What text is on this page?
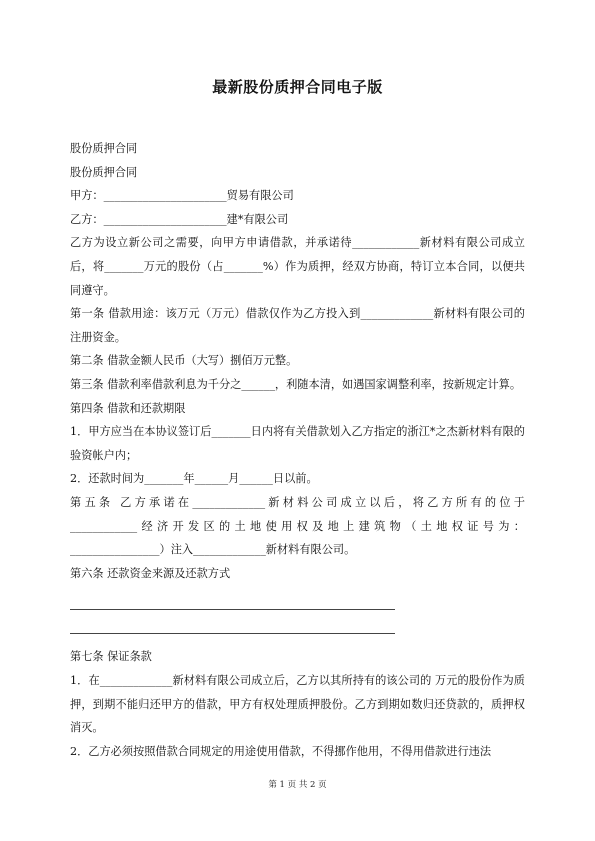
最新股份质押合同电子版

股份质押合同

股份质押合同

甲方：______________________贸易有限公司

乙方：______________________建*有限公司

乙方为设立新公司之需要，向甲方申请借款，并承诺待____________新材料有限公司成立后，将_______万元的股份（占_______%）作为质押，经双方协商，特订立本合同，以便共同遵守。

第一条 借款用途：该万元（万元）借款仅作为乙方投入到_____________新材料有限公司的注册资金。

第二条 借款金额人民币（大写）捌佰万元整。

第三条 借款利率借款利息为千分之______，利随本清，如遇国家调整利率，按新规定计算。

第四条 借款和还款期限

1．甲方应当在本协议签订后_______日内将有关借款划入乙方指定的浙江*之杰新材料有限的验资帐户内；

2．还款时间为_______年______月______日以前。

第五条 乙方承诺在_____________新材料公司成立以后，将乙方所有的位于

____________经济开发区的土地使用权及地上建筑物（土地权证号为：

________________）注入_____________新材料有限公司。

第六条 还款资金来源及还款方式

第七条 保证条款

1．在_____________新材料有限公司成立后，乙方以其所持有的该公司的 万元的股份作为质押，到期不能归还甲方的借款，甲方有权处理质押股份。乙方到期如数归还贷款的，质押权消灭。

2．乙方必须按照借款合同规定的用途使用借款，不得挪作他用，不得用借款进行违法

第 1 页 共 2 页
